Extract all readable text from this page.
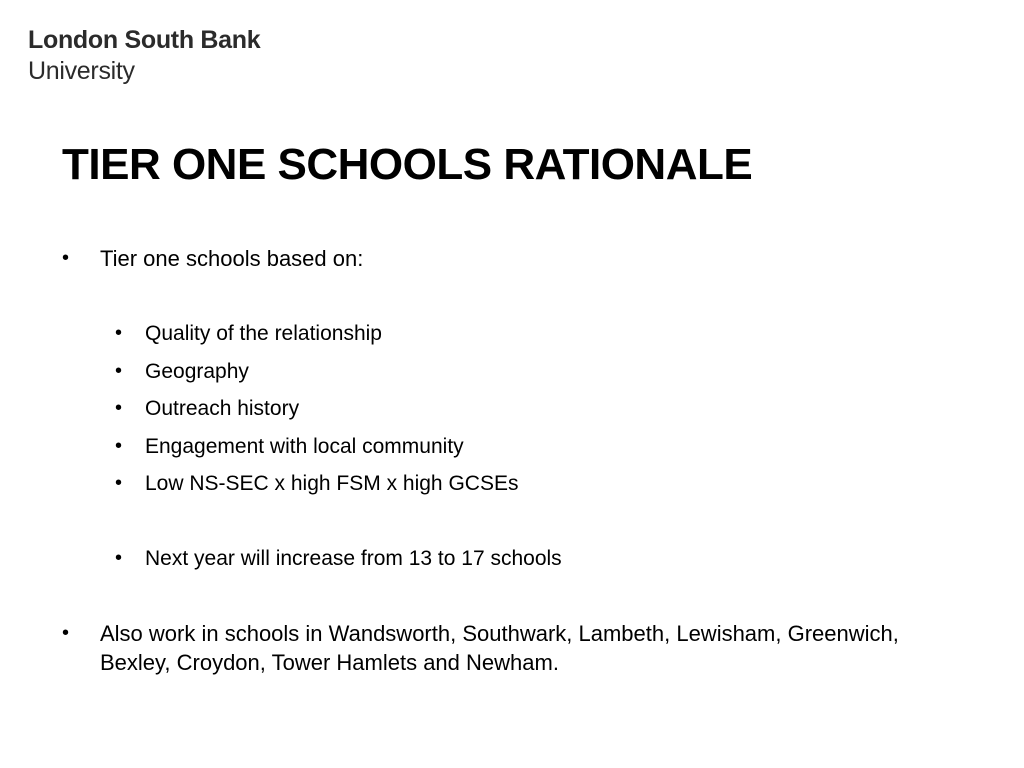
London South Bank
University
TIER ONE SCHOOLS RATIONALE
• Tier one schools based on:
• Quality of the relationship
• Geography
• Outreach history
• Engagement with local community
• Low NS-SEC x high FSM x high GCSEs
• Next year will increase from 13 to 17 schools
• Also work in schools in Wandsworth, Southwark, Lambeth, Lewisham, Greenwich, Bexley, Croydon, Tower Hamlets and Newham.
